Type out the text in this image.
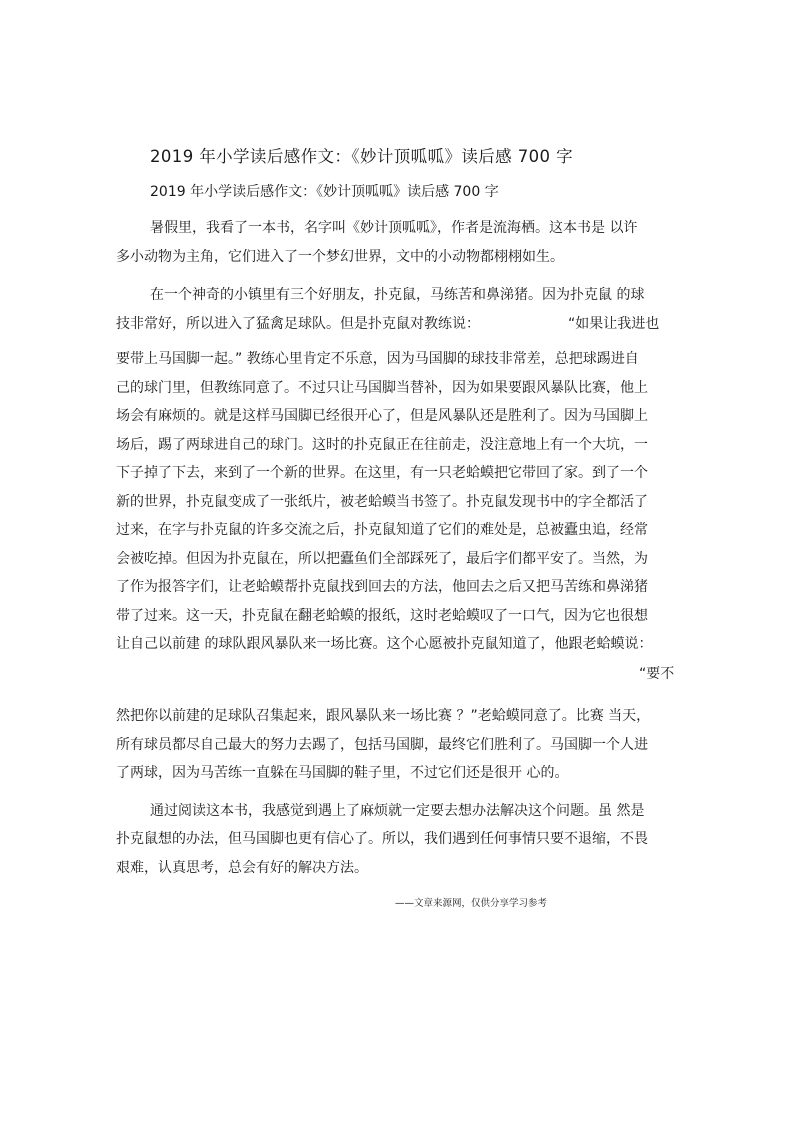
2019 年小学读后感作文：《妙计顶呱呱》读后感 700 字
2019 年小学读后感作文：《妙计顶呱呱》读后感 700 字
暑假里，我看了一本书，名字叫《妙计顶呱呱》，作者是流海栖。这本书是 以许
多小动物为主角，它们进入了一个梦幻世界，文中的小动物都栩栩如生。
在一个神奇的小镇里有三个好朋友，扑克鼠，马练苦和鼻涕猪。因为扑克鼠 的球
技非常好，所以进入了猛禽足球队。但是扑克鼠对教练说：	“如果让我进也
要带上马国脚一起。” 教练心里肯定不乐意，因为马国脚的球技非常差，总把球踢进自
己的球门里，但教练同意了。不过只让马国脚当替补，因为如果要跟风暴队比赛，他上
场会有麻烦的。就是这样马国脚已经很开心了，但是风暴队还是胜利了。因为马国脚上
场后，踢了两球进自己的球门。这时的扑克鼠正在往前走，没注意地上有一个大坑，一
下子掉了下去，来到了一个新的世界。在这里，有一只老蛤蟆把它带回了家。到了一个
新的世界，扑克鼠变成了一张纸片，被老蛤蟆当书签了。扑克鼠发现书中的字全都活了
过来，在字与扑克鼠的许多交流之后，扑克鼠知道了它们的难处是，总被蠹虫追，经常
会被吃掉。但因为扑克鼠在，所以把蠹鱼们全部踩死了，最后字们都平安了。当然，为
了作为报答字们，让老蛤蟆帮扑克鼠找到回去的方法，他回去之后又把马苦练和鼻涕猪
带了过来。这一天，扑克鼠在翻老蛤蟆的报纸，这时老蛤蟆叹了一口气，因为它也很想
让自己以前建 的球队跟风暴队来一场比赛。这个心愿被扑克鼠知道了，他跟老蛤蟆说：
“要不
然把你以前建的足球队召集起来，跟风暴队来一场比赛 ？”老蛤蟆同意了。比赛 当天，
所有球员都尽自己最大的努力去踢了，包括马国脚，最终它们胜利了。马国脚一个人进
了两球，因为马苦练一直躲在马国脚的鞋子里，不过它们还是很开 心的。
通过阅读这本书，我感觉到遇上了麻烦就一定要去想办法解决这个问题。虽 然是
扑克鼠想的办法，但马国脚也更有信心了。所以，我们遇到任何事情只要不退缩，不畏
艰难，认真思考，总会有好的解决方法。
——文章来源网，仅供分享学习参考
